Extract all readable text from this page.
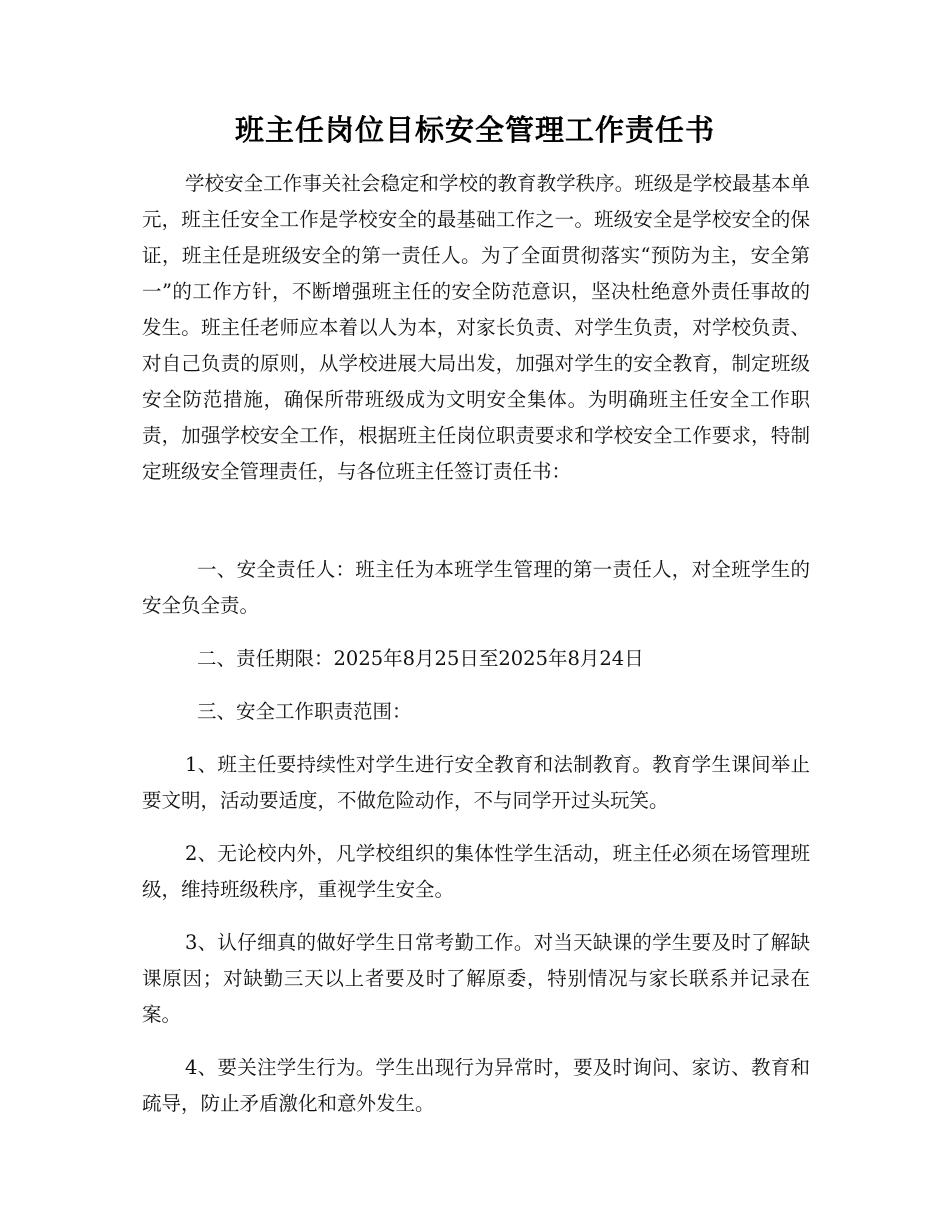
班主任岗位目标安全管理工作责任书
学校安全工作事关社会稳定和学校的教育教学秩序。班级是学校最基本单元，班主任安全工作是学校安全的最基础工作之一。班级安全是学校安全的保证，班主任是班级安全的第一责任人。为了全面贯彻落实“预防为主，安全第一”的工作方针，不断增强班主任的安全防范意识，坚决杜绝意外责任事故的发生。班主任老师应本着以人为本，对家长负责、对学生负责，对学校负责、对自己负责的原则，从学校进展大局出发，加强对学生的安全教育，制定班级安全防范措施，确保所带班级成为文明安全集体。为明确班主任安全工作职责，加强学校安全工作，根据班主任岗位职责要求和学校安全工作要求，特制定班级安全管理责任，与各位班主任签订责任书：
一、安全责任人：班主任为本班学生管理的第一责任人，对全班学生的安全负全责。
二、责任期限：2025年8月25日至2025年8月24日
三、安全工作职责范围：
1、班主任要持续性对学生进行安全教育和法制教育。教育学生课间举止要文明，活动要适度，不做危险动作，不与同学开过头玩笑。
2、无论校内外，凡学校组织的集体性学生活动，班主任必须在场管理班级，维持班级秩序，重视学生安全。
3、认仔细真的做好学生日常考勤工作。对当天缺课的学生要及时了解缺课原因；对缺勤三天以上者要及时了解原委，特别情况与家长联系并记录在案。
4、要关注学生行为。学生出现行为异常时，要及时询问、家访、教育和疏导，防止矛盾激化和意外发生。
